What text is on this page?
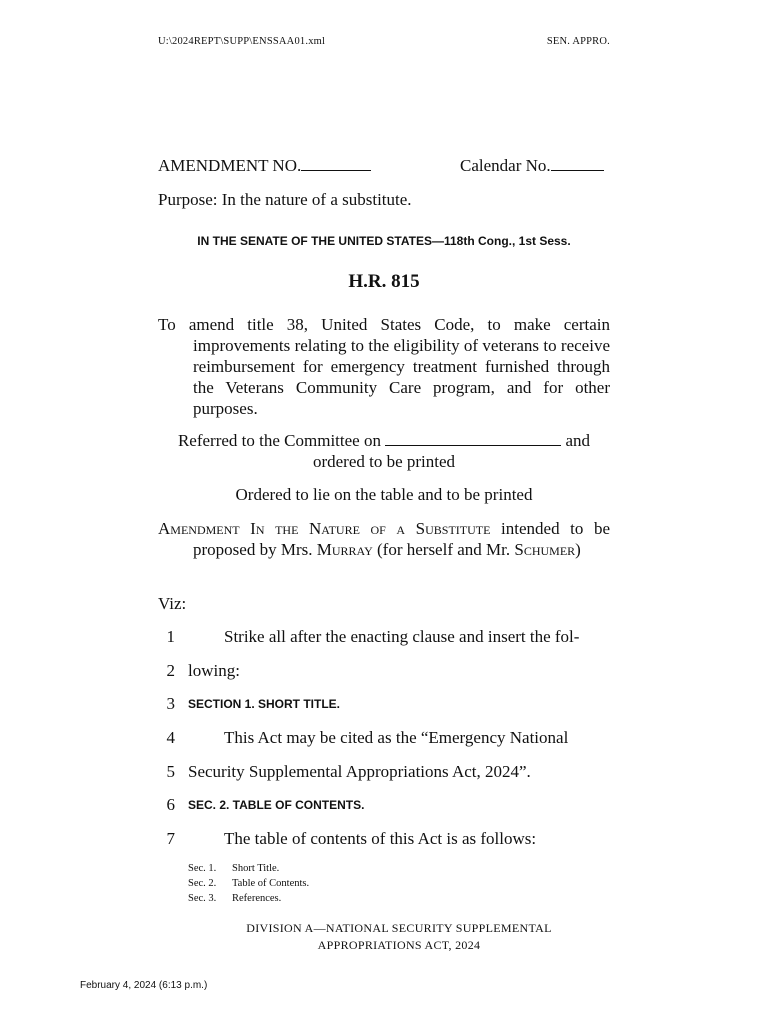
U:\2024REPT\SUPP\ENSSAA01.xml	SEN. APPRO.
AMENDMENT NO.	Calendar No.
Purpose: In the nature of a substitute.
IN THE SENATE OF THE UNITED STATES—118th Cong., 1st Sess.
H.R. 815
To amend title 38, United States Code, to make certain improvements relating to the eligibility of veterans to receive reimbursement for emergency treatment furnished through the Veterans Community Care program, and for other purposes.
Referred to the Committee on	and
ordered to be printed
Ordered to lie on the table and to be printed
Amendment In the Nature of a Substitute intended to be proposed by Mrs. Murray (for herself and Mr. Schumer)
Viz:
1	Strike all after the enacting clause and insert the fol-
2 lowing:
3 SECTION 1. SHORT TITLE.
4	This Act may be cited as the “Emergency National
5 Security Supplemental Appropriations Act, 2024”.
6 SEC. 2. TABLE OF CONTENTS.
7	The table of contents of this Act is as follows:
Sec. 1. Short Title.
Sec. 2. Table of Contents.
Sec. 3. References.
DIVISION A—NATIONAL SECURITY SUPPLEMENTAL
APPROPRIATIONS ACT, 2024
February 4, 2024 (6:13 p.m.)
